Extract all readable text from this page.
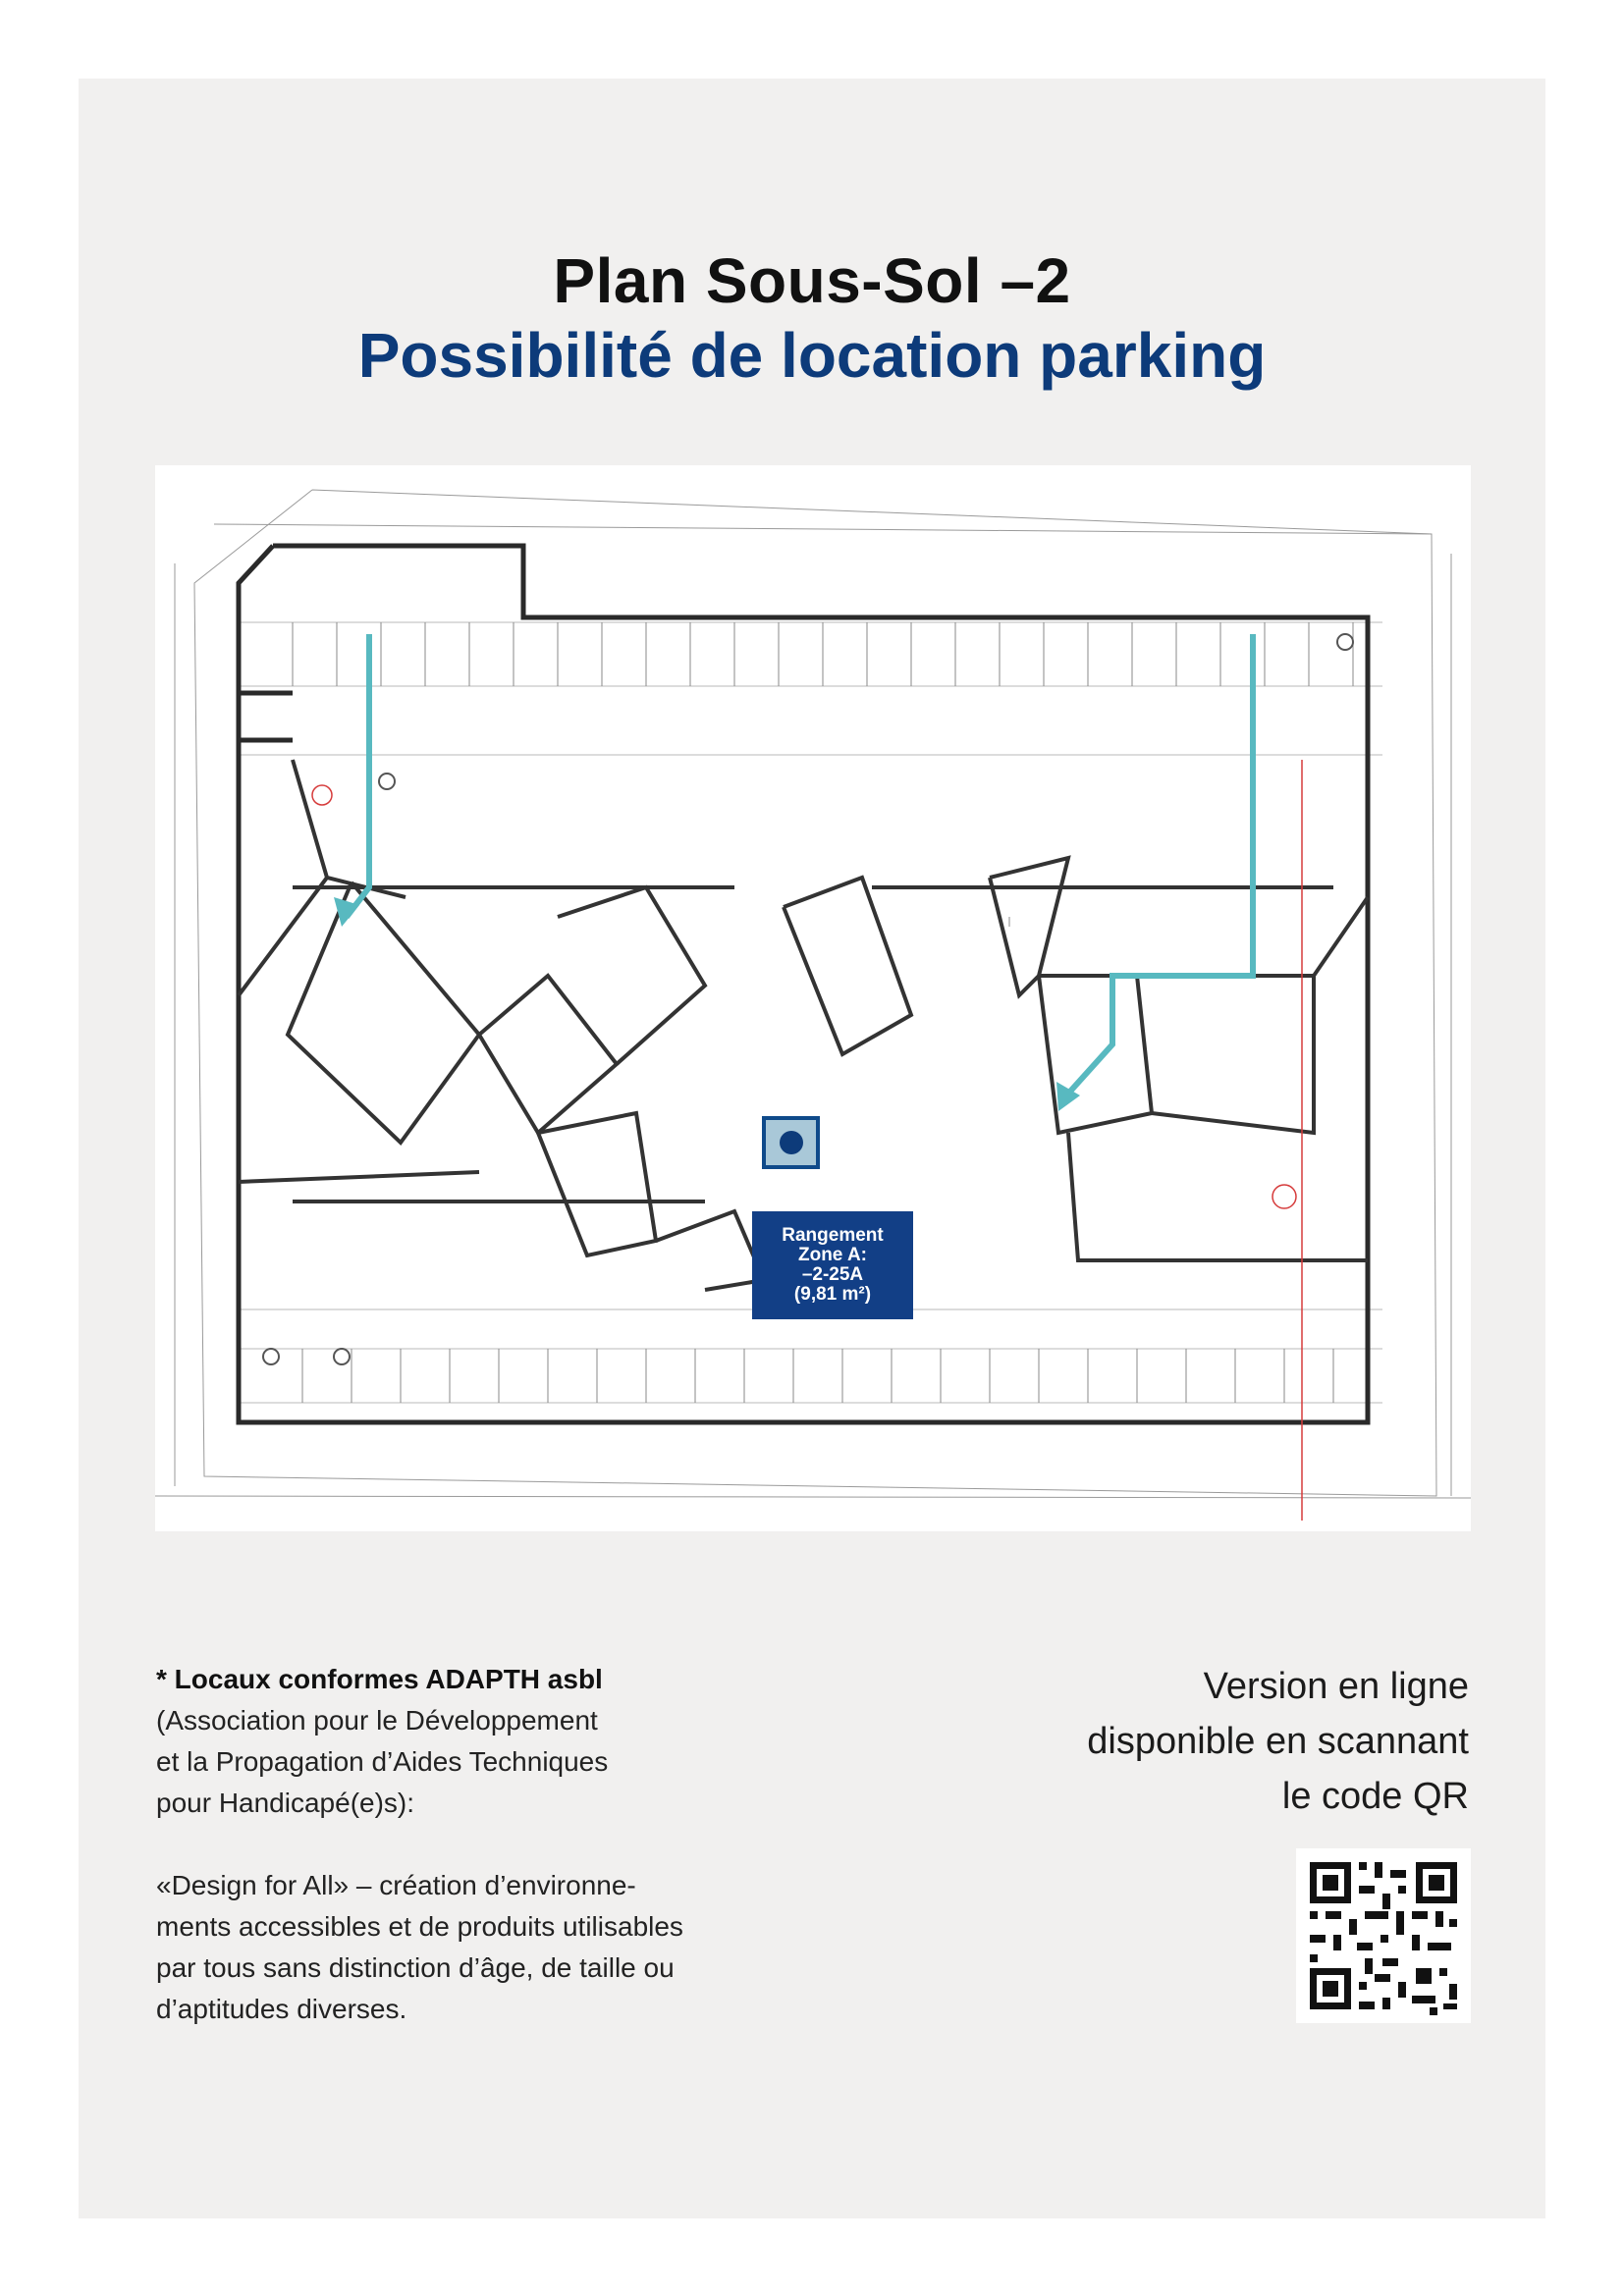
Plan Sous-Sol –2

Possibilité de location parking

Rangement
Zone A:
–2-25A
(9,81 m²)

* Locaux conformes ADAPTH asbl

(Association pour le Développement

et la Propagation d’Aides Techniques

pour Handicapé(e)s):

«Design for All» – création d’environne-

ments accessibles et de produits utilisables

par tous sans distinction d’âge, de taille ou

d’aptitudes diverses.

Version en ligne
disponible en scannant
le code QR
